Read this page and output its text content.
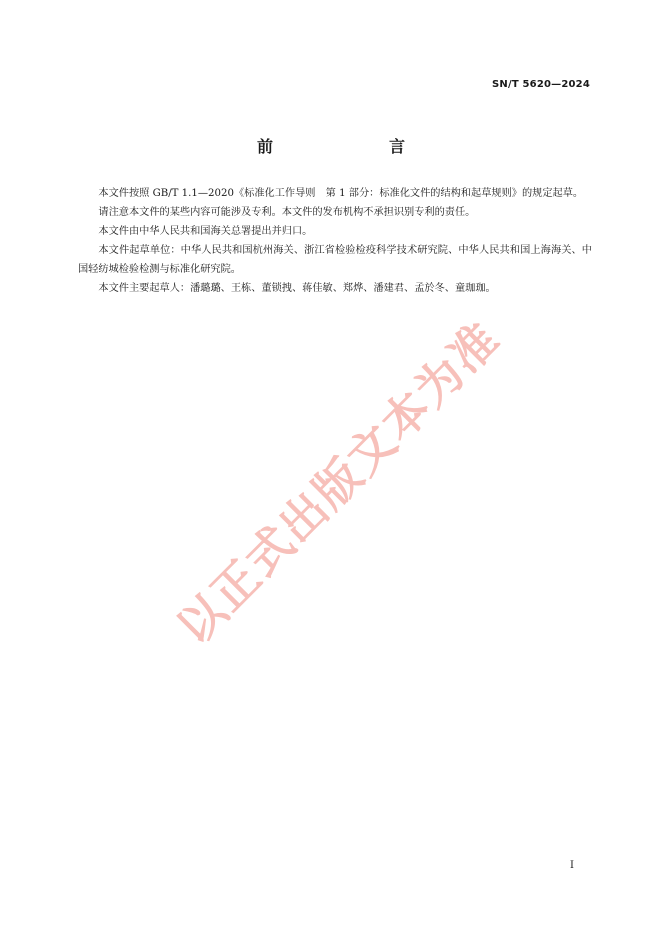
SN/T 5620—2024
前　　言

本文件按照 GB/T 1.1—2020《标准化工作导则　第 1 部分：标准化文件的结构和起草规则》的规定起草。

请注意本文件的某些内容可能涉及专利。本文件的发布机构不承担识别专利的责任。

本文件由中华人民共和国海关总署提出并归口。

本文件起草单位：中华人民共和国杭州海关、浙江省检验检疫科学技术研究院、中华人民共和国上海海关、中国轻纺城检验检测与标准化研究院。

本文件主要起草人：潘璐璐、王栋、董锁拽、蒋佳敏、郑烨、潘建君、孟於冬、童珈珈。

以正式出版文本为准
I
